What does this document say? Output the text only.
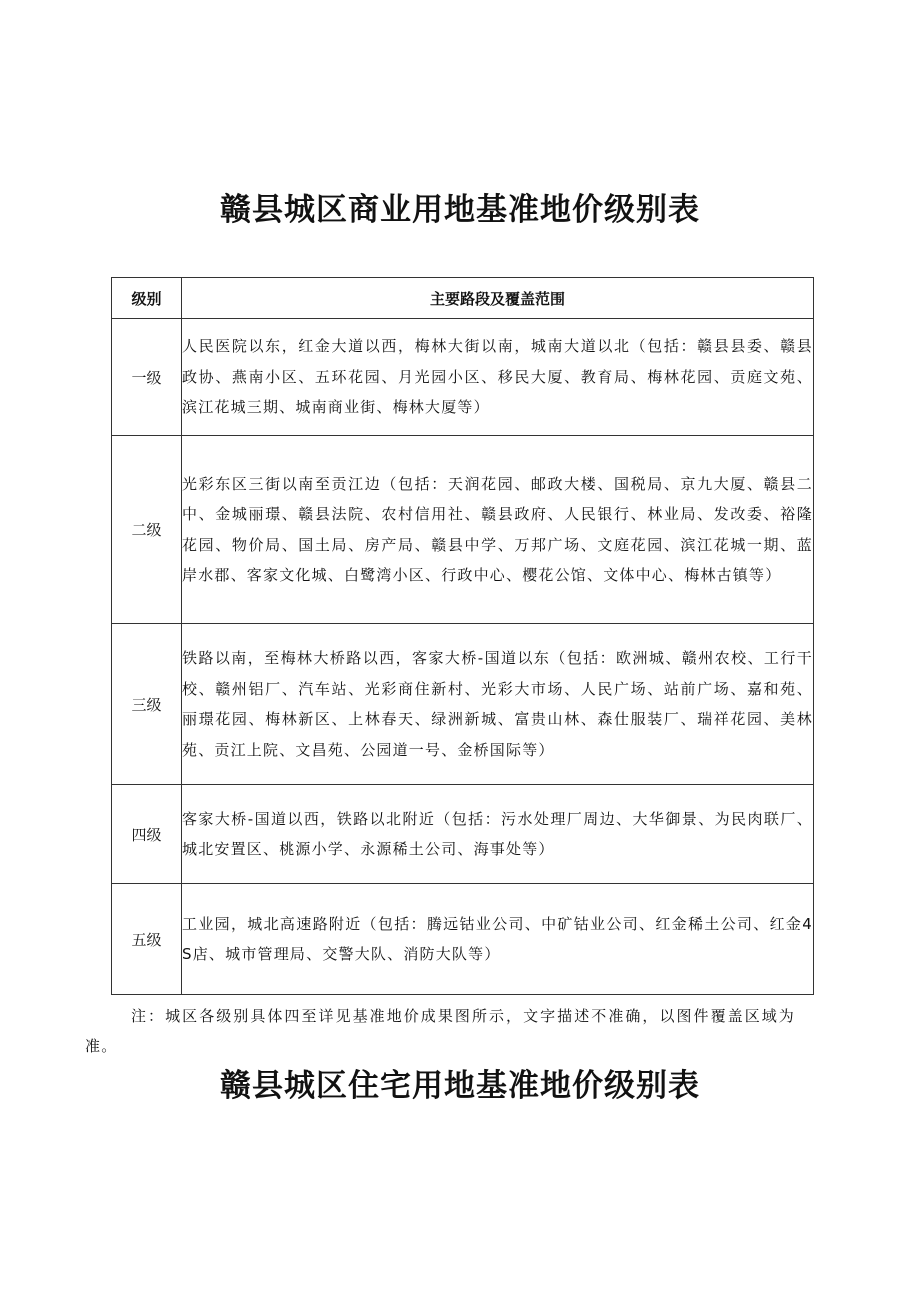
赣县城区商业用地基准地价级别表
级别	主要路段及覆盖范围
一级	人民医院以东，红金大道以西，梅林大街以南，城南大道以北（包括：赣县县委、赣县政协、燕南小区、五环花园、月光园小区、移民大厦、教育局、梅林花园、贡庭文苑、滨江花城三期、城南商业街、梅林大厦等）
二级	光彩东区三街以南至贡江边（包括：天润花园、邮政大楼、国税局、京九大厦、赣县二中、金城丽璟、赣县法院、农村信用社、赣县政府、人民银行、林业局、发改委、裕隆花园、物价局、国土局、房产局、赣县中学、万邦广场、文庭花园、滨江花城一期、蓝岸水郡、客家文化城、白鹭湾小区、行政中心、樱花公馆、文体中心、梅林古镇等）
三级	铁路以南，至梅林大桥路以西，客家大桥-国道以东（包括：欧洲城、赣州农校、工行干校、赣州铝厂、汽车站、光彩商住新村、光彩大市场、人民广场、站前广场、嘉和苑、丽璟花园、梅林新区、上林春天、绿洲新城、富贵山林、森仕服装厂、瑞祥花园、美林苑、贡江上院、文昌苑、公园道一号、金桥国际等）
四级	客家大桥-国道以西，铁路以北附近（包括：污水处理厂周边、大华御景、为民肉联厂、城北安置区、桃源小学、永源稀土公司、海事处等）
五级	工业园，城北高速路附近（包括：腾远钴业公司、中矿钴业公司、红金稀土公司、红金4S店、城市管理局、交警大队、消防大队等）

注：城区各级别具体四至详见基准地价成果图所示，文字描述不准确，以图件覆盖区域为准。

赣县城区住宅用地基准地价级别表
